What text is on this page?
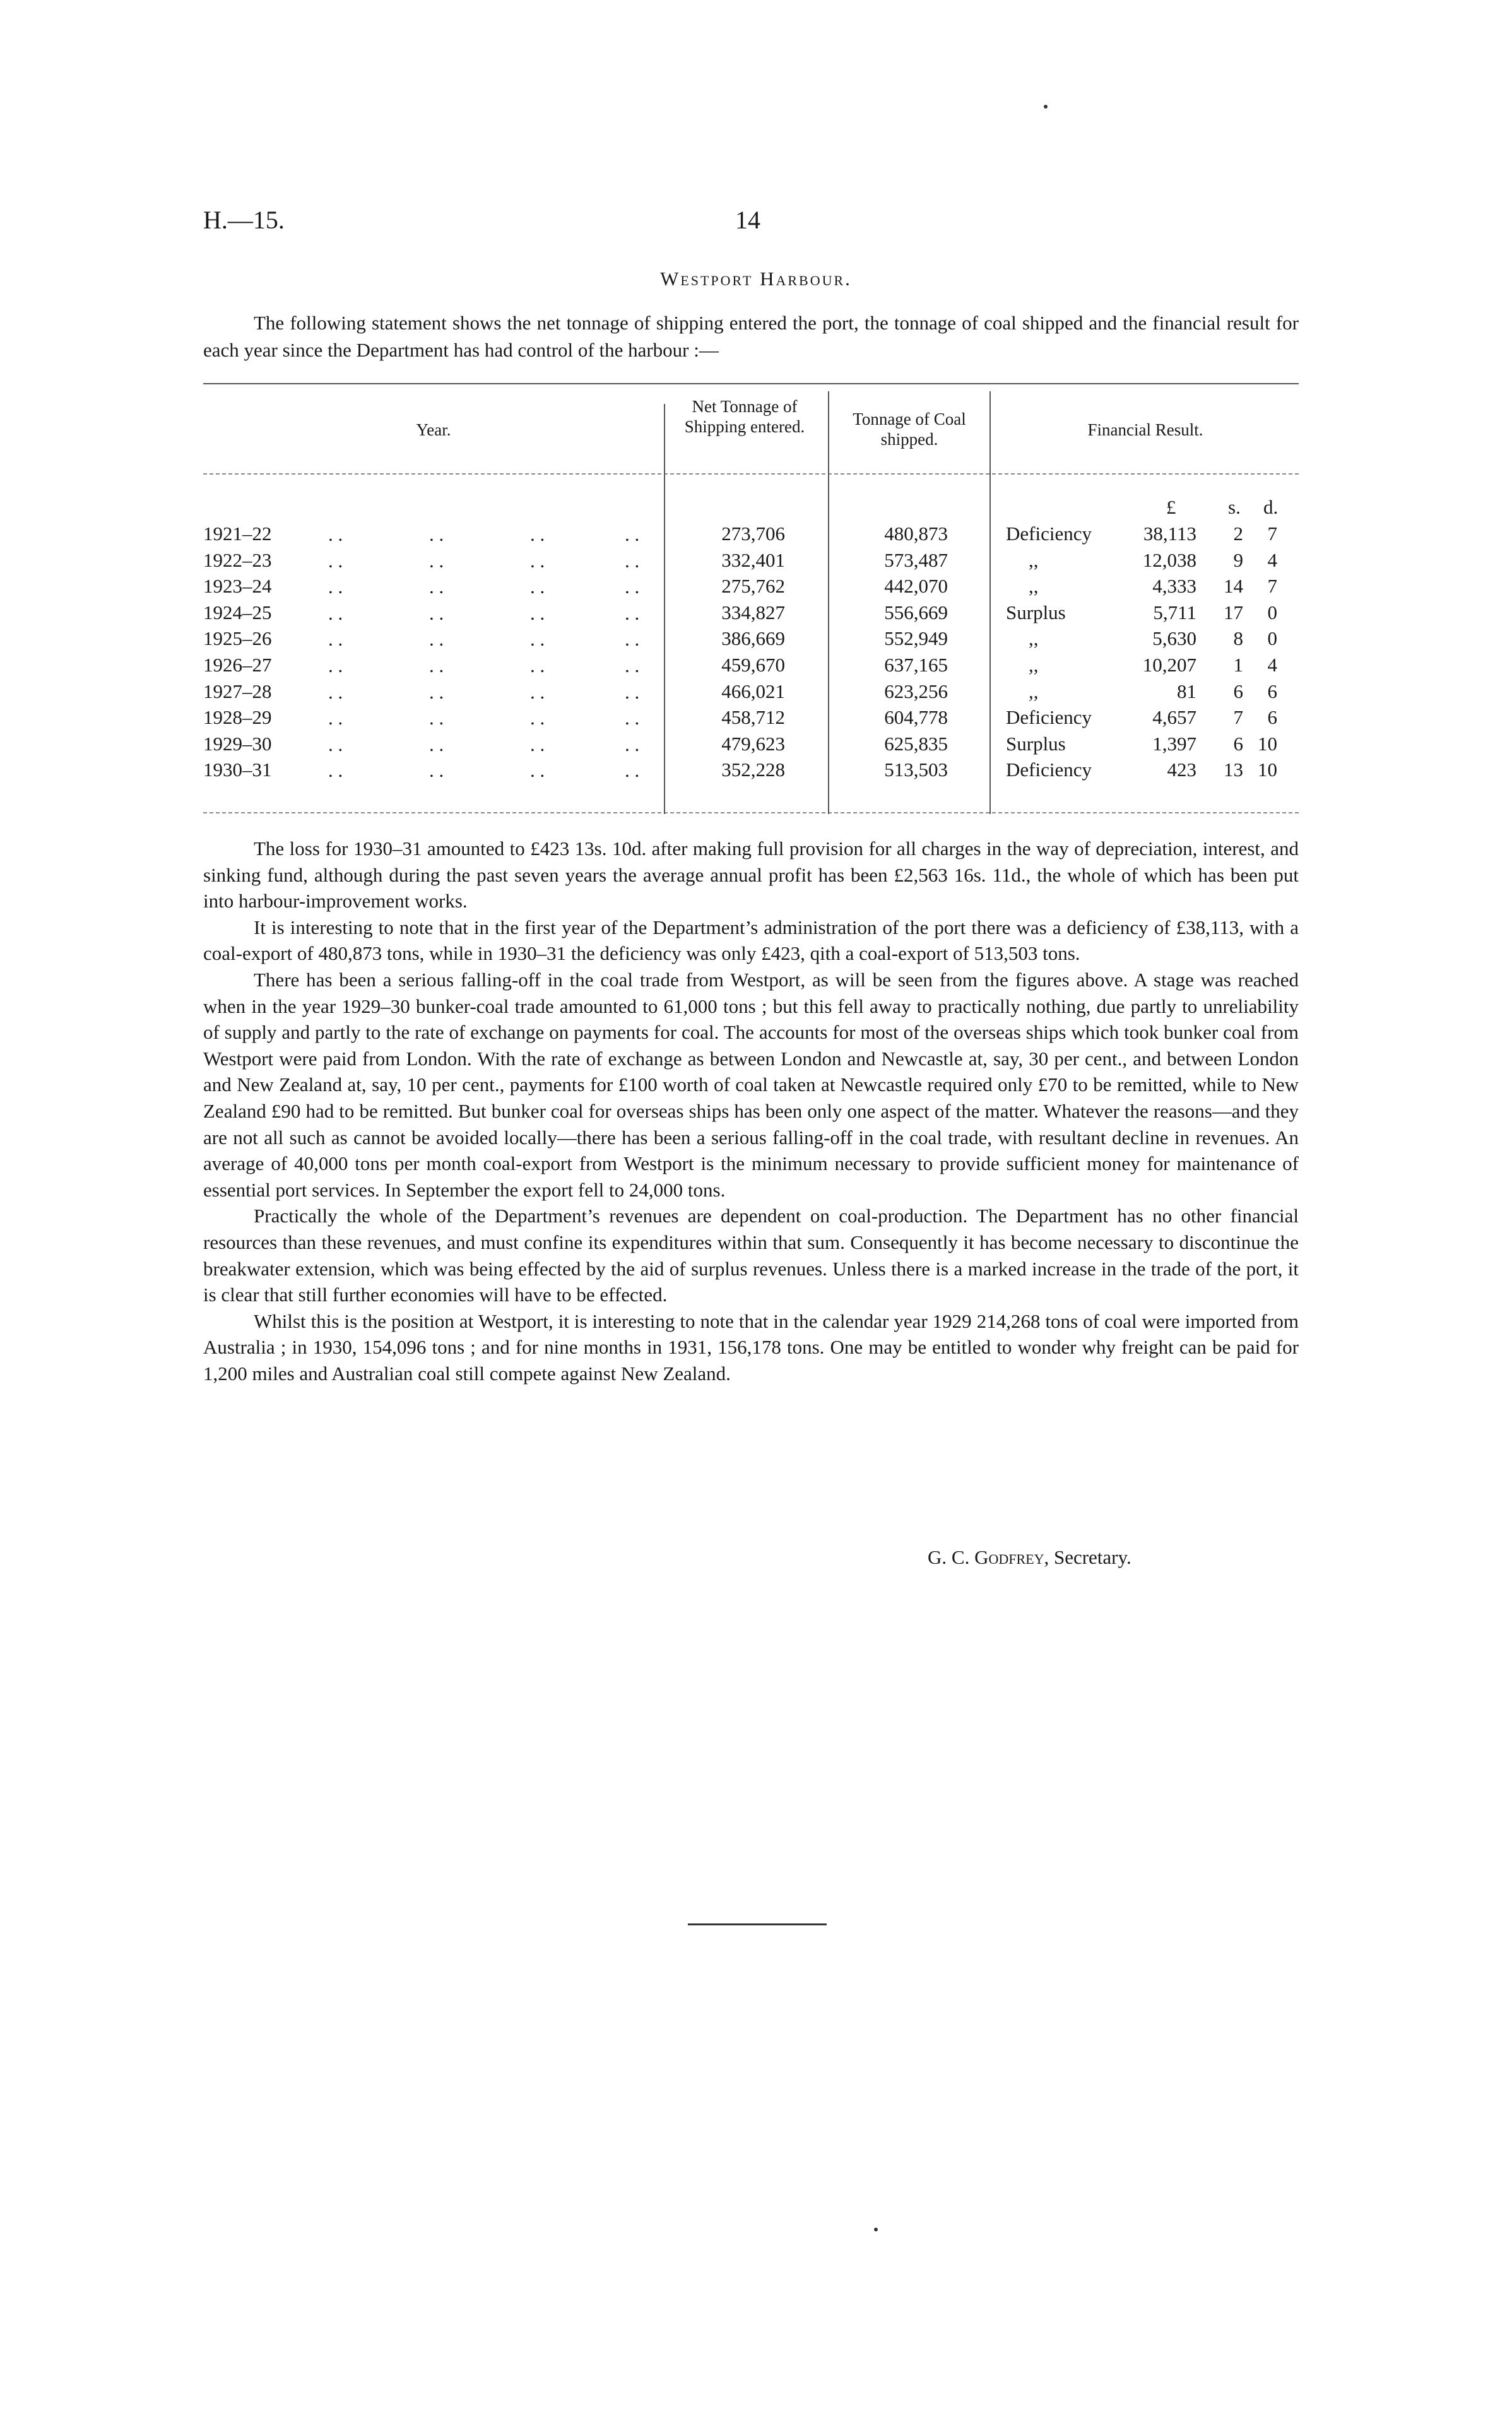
H.—15.	14
Westport Harbour.

The following statement shows the net tonnage of shipping entered the port, the tonnage of coal shipped and the financial result for each year since the Department has had control of the harbour :—

Year.
Net Tonnage of Shipping entered.	Tonnage of Coal shipped.	Financial Result.
£	s. d.
1921–22	273,706	480,873	Deficiency	38,113	2	7
. .	. .	. .	. .
1922–23	332,401	573,487	,,	12,038	9	4
. .	. .	. .	. .
1923–24	275,762	442,070	,,	4,333	14	7
. .	. .	. .	. .
1924–25	334,827	556,669	Surplus	5,711	17	0
. .	. .	. .	. .
1925–26	386,669	552,949	,,	5,630	8	0
. .	. .	. .	. .
1926–27	459,670	637,165	,,	10,207	1	4
. .	. .	. .	. .
1927–28	466,021	623,256	,,	81	6	6
. .	. .	. .	. .
1928–29	458,712	604,778	Deficiency	4,657	7	6
. .	. .	. .	. .
1929–30	479,623	625,835	Surplus	1,397	6 10
. .	. .	. .	. .
1930–31	352,228	513,503	Deficiency	423	13 10
. .	. .	. .	. .

The loss for 1930–31 amounted to £423 13s. 10d. after making full provision for all charges in the way of depreciation, interest, and sinking fund, although during the past seven years the average annual profit has been £2,563 16s. 11d., the whole of which has been put into harbour-improvement works.

It is interesting to note that in the first year of the Department’s administration of the port there was a deficiency of £38,113, with a coal-export of 480,873 tons, while in 1930–31 the deficiency was only £423, qith a coal-export of 513,503 tons.

There has been a serious falling-off in the coal trade from Westport, as will be seen from the figures above. A stage was reached when in the year 1929–30 bunker-coal trade amounted to 61,000 tons ; but this fell away to practically nothing, due partly to unreliability of supply and partly to the rate of exchange on payments for coal. The accounts for most of the overseas ships which took bunker coal from Westport were paid from London. With the rate of exchange as between London and Newcastle at, say, 30 per cent., and between London and New Zealand at, say, 10 per cent., payments for £100 worth of coal taken at Newcastle required only £70 to be remitted, while to New Zealand £90 had to be remitted. But bunker coal for overseas ships has been only one aspect of the matter. Whatever the reasons—and they are not all such as cannot be avoided locally—there has been a serious falling-off in the coal trade, with resultant decline in revenues. An average of 40,000 tons per month coal-export from Westport is the minimum necessary to provide sufficient money for maintenance of essential port services. In September the export fell to 24,000 tons.

Practically the whole of the Department’s revenues are dependent on coal-production. The Department has no other financial resources than these revenues, and must confine its expenditures within that sum. Consequently it has become necessary to discontinue the breakwater extension, which was being effected by the aid of surplus revenues. Unless there is a marked increase in the trade of the port, it is clear that still further economies will have to be effected.

Whilst this is the position at Westport, it is interesting to note that in the calendar year 1929 214,268 tons of coal were imported from Australia ; in 1930, 154,096 tons ; and for nine months in 1931, 156,178 tons. One may be entitled to wonder why freight can be paid for 1,200 miles and Australian coal still compete against New Zealand.

G. C. Godfrey, Secretary.
